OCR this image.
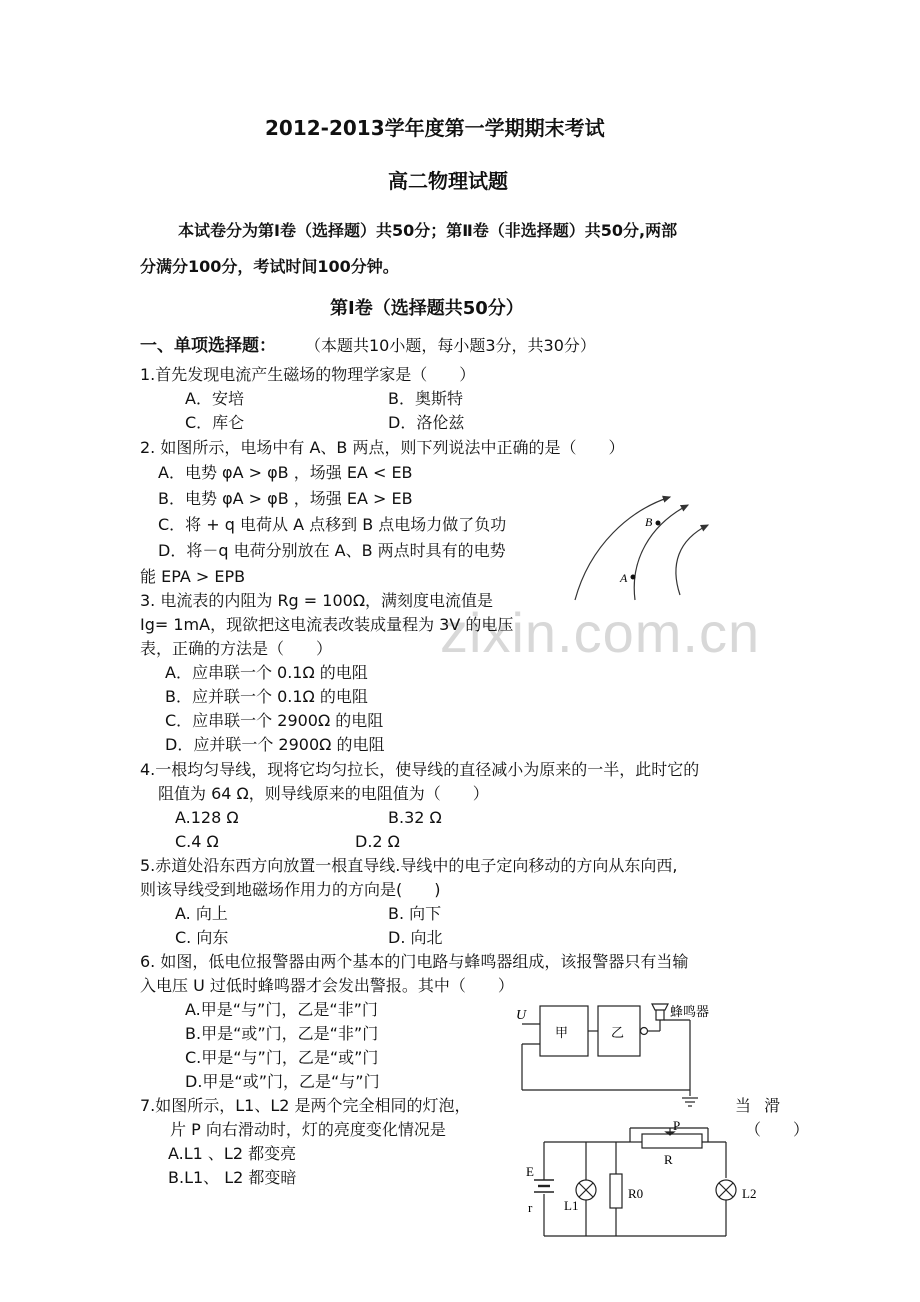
zixin.com.cn
2012-2013学年度第一学期期末考试
高二物理试题
本试卷分为第Ⅰ卷（选择题）共50分；第Ⅱ卷（非选择题）共50分,两部
分满分100分，考试时间100分钟。
第Ⅰ卷（选择题共50分）
一、单项选择题： （本题共10小题，每小题3分，共30分）
1.首先发现电流产生磁场的物理学家是（　　）
A．安培	B．奥斯特
C．库仑	D．洛伦兹
2. 如图所示，电场中有 A、B 两点，则下列说法中正确的是（　　）
A．电势 φA > φB ，场强 EA < EB
B．电势 φA > φB ，场强 EA > EB
C．将 + q 电荷从 A 点移到 B 点电场力做了负功
D．将－q 电荷分别放在 A、B 两点时具有的电势
能 EPA > EPB	A
B
3. 电流表的内阻为 Rg = 100Ω，满刻度电流值是
Ig= 1mA，现欲把这电流表改装成量程为 3V 的电压
表，正确的方法是（　　）
A．应串联一个 0.1Ω 的电阻
B．应并联一个 0.1Ω 的电阻
C．应串联一个 2900Ω 的电阻
D．应并联一个 2900Ω 的电阻
4.一根均匀导线，现将它均匀拉长，使导线的直径减小为原来的一半，此时它的
阻值为 64 Ω，则导线原来的电阻值为（　　）
A.128 Ω	B.32 Ω
C.4 Ω	D.2 Ω
5.赤道处沿东西方向放置一根直导线.导线中的电子定向移动的方向从东向西,
则该导线受到地磁场作用力的方向是(　　)
A. 向上	B. 向下
C. 向东	D. 向北
6. 如图，低电位报警器由两个基本的门电路与蜂鸣器组成，该报警器只有当输
入电压 U 过低时蜂鸣器才会发出警报。其中（　　）
A.甲是“与”门，乙是“非”门
B.甲是“或”门，乙是“非”门
C.甲是“与”门，乙是“或”门
D.甲是“或”门，乙是“与”门
U
甲	乙
蜂鸣器
7.如图所示，L1、L2 是两个完全相同的灯泡，	当 滑
片 P 向右滑动时，灯的亮度变化情况是	（　　）
A.L1 、L2 都变亮
B.L1、 L2 都变暗
P
R
L2
E
r L1
R0
